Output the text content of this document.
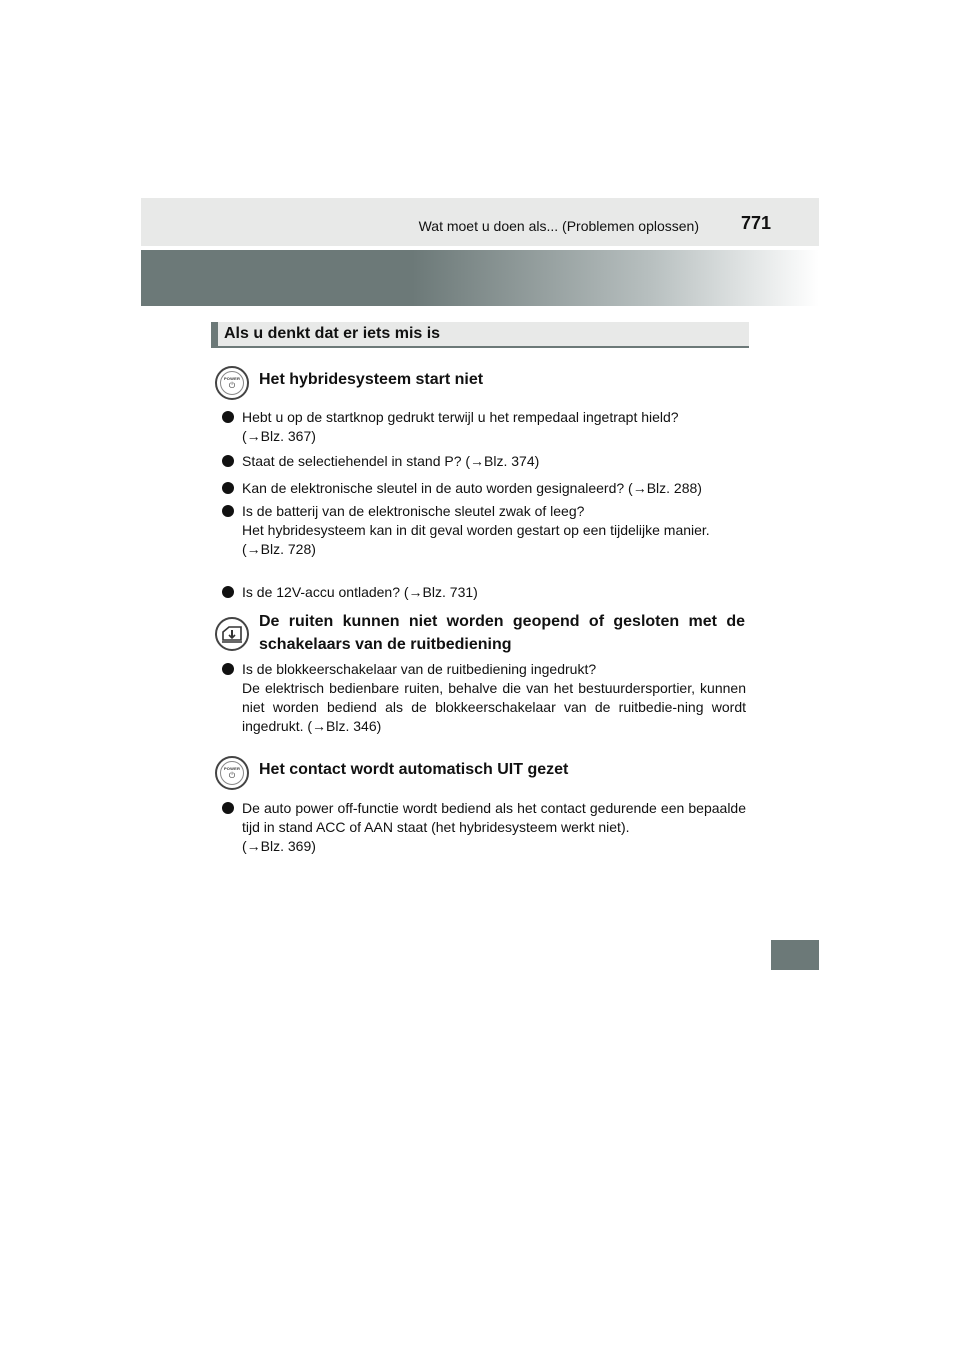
Wat moet u doen als... (Problemen oplossen) 771
Als u denkt dat er iets mis is
POWER
⏻	Het hybridesysteem start niet
Hebt u op de startknop gedrukt terwijl u het rempedaal ingetrapt hield?
(→Blz. 367)
Staat de selectiehendel in stand P? (→Blz. 374)
Kan de elektronische sleutel in de auto worden gesignaleerd? (→Blz. 288)
Is de batterij van de elektronische sleutel zwak of leeg?
Het hybridesysteem kan in dit geval worden gestart op een tijdelijke manier.
(→Blz. 728)
Is de 12V-accu ontladen? (→Blz. 731)
De ruiten kunnen niet worden geopend of gesloten met de schakelaars van de ruitbediening
Is de blokkeerschakelaar van de ruitbediening ingedrukt?
De elektrisch bedienbare ruiten, behalve die van het bestuurdersportier, kunnen niet worden bediend als de blokkeerschakelaar van de ruitbedie-ning wordt ingedrukt. (→Blz. 346)
POWER
⏻	Het contact wordt automatisch UIT gezet
De auto power off-functie wordt bediend als het contact gedurende een bepaalde tijd in stand ACC of AAN staat (het hybridesysteem werkt niet).
(→Blz. 369)
